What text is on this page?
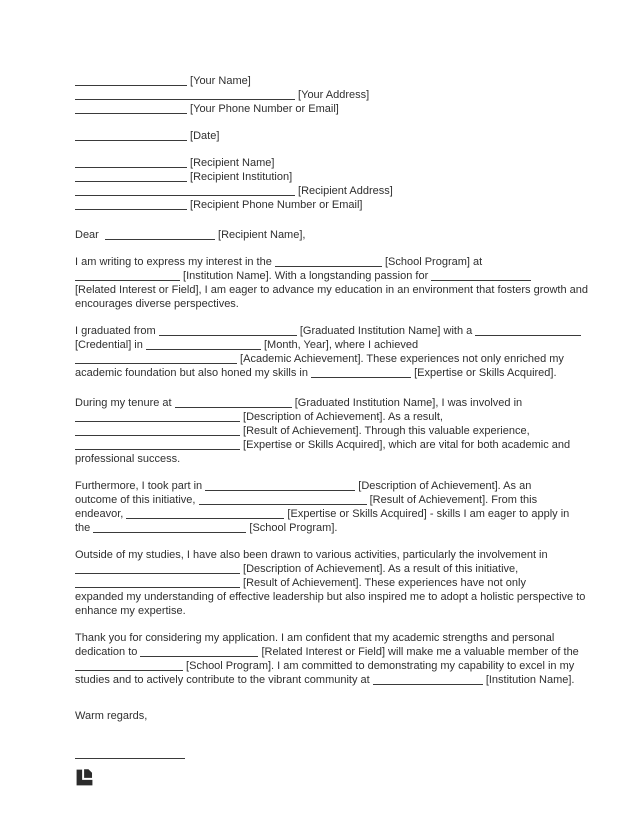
[Your Name]
[Your Address]
[Your Phone Number or Email]
[Date]
[Recipient Name]
[Recipient Institution]
[Recipient Address]
[Recipient Phone Number or Email]
Dear	[Recipient Name],
I am writing to express my interest in the	[School Program] at
[Institution Name]. With a longstanding passion for
[Related Interest or Field], I am eager to advance my education in an environment that fosters growth and
encourages diverse perspectives.
I graduated from	[Graduated Institution Name] with a
[Credential] in	[Month, Year], where I achieved
[Academic Achievement]. These experiences not only enriched my
academic foundation but also honed my skills in	[Expertise or Skills Acquired].
During my tenure at	[Graduated Institution Name], I was involved in
[Description of Achievement]. As a result,
[Result of Achievement]. Through this valuable experience,
[Expertise or Skills Acquired], which are vital for both academic and
professional success.
Furthermore, I took part in	[Description of Achievement]. As an
outcome of this initiative,	[Result of Achievement]. From this
endeavor,	[Expertise or Skills Acquired] - skills I am eager to apply in
the	[School Program].
Outside of my studies, I have also been drawn to various activities, particularly the involvement in
[Description of Achievement]. As a result of this initiative,
[Result of Achievement]. These experiences have not only
expanded my understanding of effective leadership but also inspired me to adopt a holistic perspective to
enhance my expertise.
Thank you for considering my application. I am confident that my academic strengths and personal
dedication to	[Related Interest or Field] will make me a valuable member of the
[School Program]. I am committed to demonstrating my capability to excel in my
studies and to actively contribute to the vibrant community at	[Institution Name].
Warm regards,
